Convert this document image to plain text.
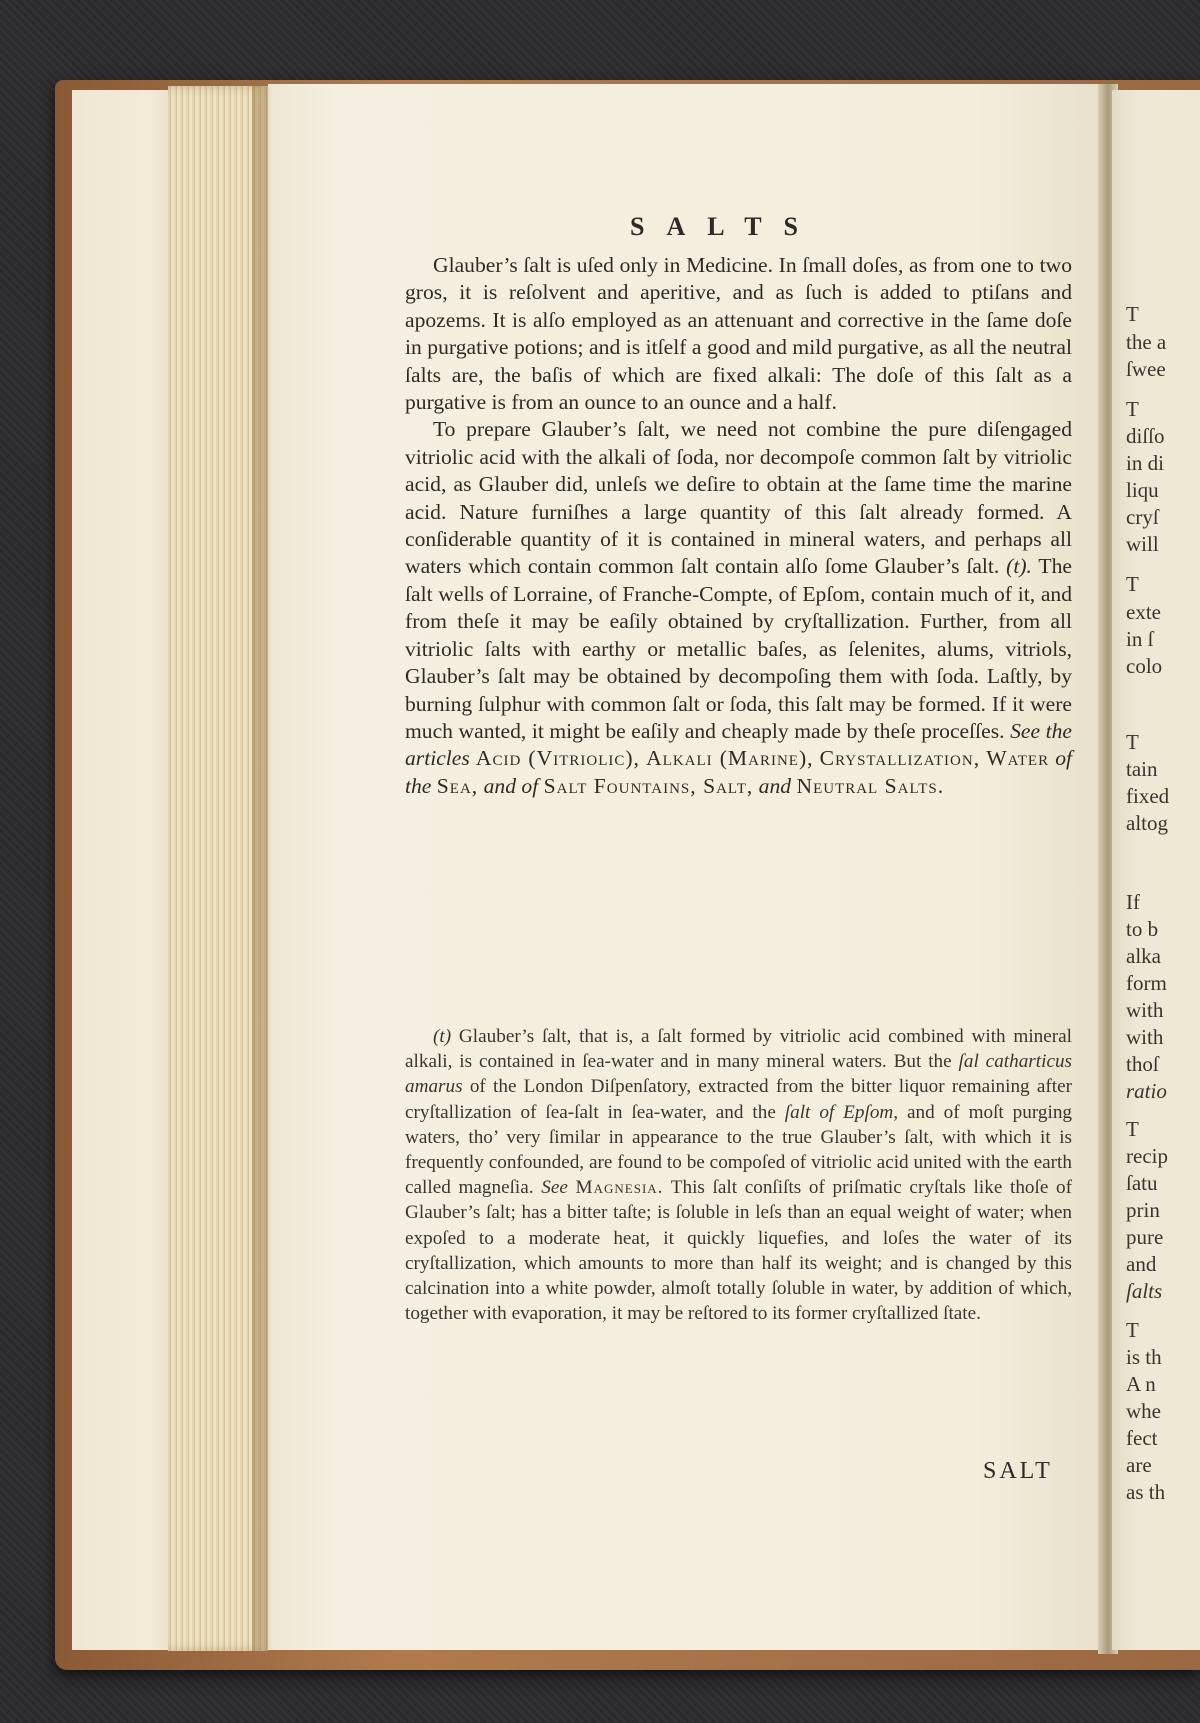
SALTS

Glauber’s ſalt is uſed only in Medicine. In ſmall doſes, as from one to two gros, it is reſolvent and aperitive, and as ſuch is added to ptiſans and apozems. It is alſo employed as an attenuant and corrective in the ſame doſe in purgative potions; and is itſelf a good and mild purgative, as all the neutral ſalts are, the baſis of which are fixed alkali: The doſe of this ſalt as a purgative is from an ounce to an ounce and a half.

To prepare Glauber’s ſalt, we need not combine the pure diſengaged vitriolic acid with the alkali of ſoda, nor decompoſe common ſalt by vitriolic acid, as Glauber did, unleſs we deſire to obtain at the ſame time the marine acid. Nature furniſhes a large quantity of this ſalt already formed. A conſiderable quantity of it is contained in mineral waters, and perhaps all waters which contain common ſalt contain alſo ſome Glauber’s ſalt. (t). The ſalt wells of Lorraine, of Franche-Compte, of Epſom, contain much of it, and from theſe it may be eaſily obtained by cryſtallization. Further, from all vitriolic ſalts with earthy or metallic baſes, as ſelenites, alums, vitriols, Glauber’s ſalt may be obtained by decompoſing them with ſoda. Laſtly, by burning ſulphur with common ſalt or ſoda, this ſalt may be formed. If it were much wanted, it might be eaſily and cheaply made by theſe proceſſes. See the articles Acid (Vitriolic), Alkali (Marine), Crystallization, Water of the Sea, and of Salt Fountains, Salt, and Neutral Salts.

(t) Glauber’s ſalt, that is, a ſalt formed by vitriolic acid combined with mineral alkali, is contained in ſea-water and in many mineral waters. But the ſal catharticus amarus of the London Diſpenſatory, extracted from the bitter liquor remaining after cryſtallization of ſea-ſalt in ſea-water, and the ſalt of Epſom, and of moſt purging waters, tho’ very ſimilar in appearance to the true Glauber’s ſalt, with which it is frequently confounded, are found to be compoſed of vitriolic acid united with the earth called magneſia. See Magnesia. This ſalt conſiſts of priſmatic cryſtals like thoſe of Glauber’s ſalt; has a bitter taſte; is ſoluble in leſs than an equal weight of water; when expoſed to a moderate heat, it quickly liquefies, and loſes the water of its cryſtallization, which amounts to more than half its weight; and is changed by this calcination into a white powder, almoſt totally ſoluble in water, by addition of which, together with evaporation, it may be reſtored to its former cryſtallized ſtate.

SALT
T
the a
ſwee
T
diſſo
in di
liqu
cryſ
will
T
exte
in ſ
colo
T
tain
fixed
altog
If
to b
alka
form
with
with
thoſ
ratio
T
recip
ſatu
prin
pure
and
ſalts
T
is th
A n
whe
fect
are
as th
